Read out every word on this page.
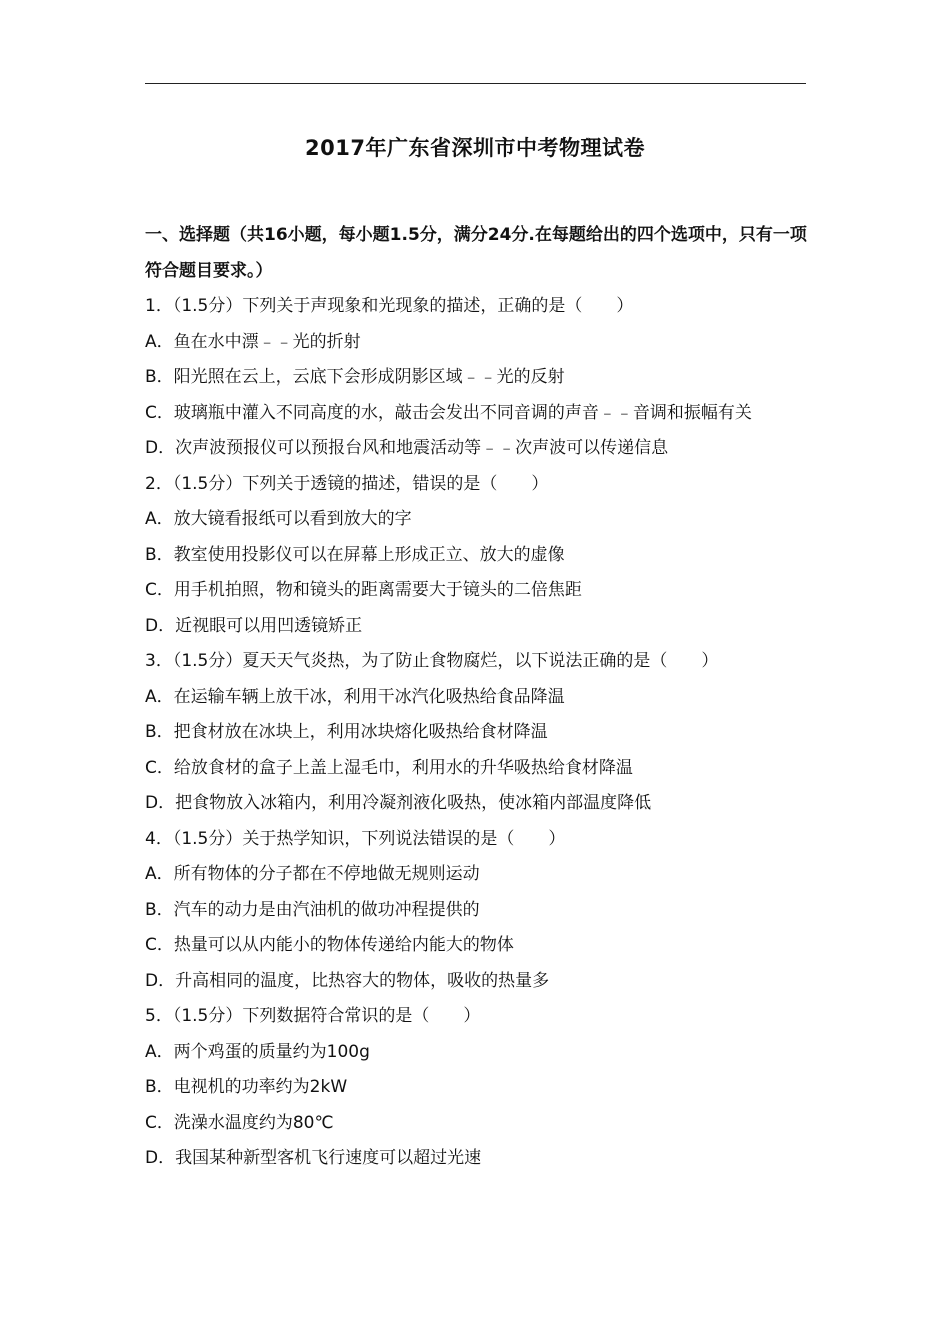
2017年广东省深圳市中考物理试卷
一、选择题（共16小题，每小题1.5分，满分24分.在每题给出的四个选项中，只有一项符合题目要求。）
1．（1.5分）下列关于声现象和光现象的描述，正确的是（　　）
A．鱼在水中漂﹣﹣光的折射
B．阳光照在云上，云底下会形成阴影区域﹣﹣光的反射
C．玻璃瓶中灌入不同高度的水，敲击会发出不同音调的声音﹣﹣音调和振幅有关
D．次声波预报仪可以预报台风和地震活动等﹣﹣次声波可以传递信息
2．（1.5分）下列关于透镜的描述，错误的是（　　）
A．放大镜看报纸可以看到放大的字
B．教室使用投影仪可以在屏幕上形成正立、放大的虚像
C．用手机拍照，物和镜头的距离需要大于镜头的二倍焦距
D．近视眼可以用凹透镜矫正
3．（1.5分）夏天天气炎热，为了防止食物腐烂，以下说法正确的是（　　）
A．在运输车辆上放干冰，利用干冰汽化吸热给食品降温
B．把食材放在冰块上，利用冰块熔化吸热给食材降温
C．给放食材的盒子上盖上湿毛巾，利用水的升华吸热给食材降温
D．把食物放入冰箱内，利用冷凝剂液化吸热，使冰箱内部温度降低
4．（1.5分）关于热学知识，下列说法错误的是（　　）
A．所有物体的分子都在不停地做无规则运动
B．汽车的动力是由汽油机的做功冲程提供的
C．热量可以从内能小的物体传递给内能大的物体
D．升高相同的温度，比热容大的物体，吸收的热量多
5．（1.5分）下列数据符合常识的是（　　）
A．两个鸡蛋的质量约为100g
B．电视机的功率约为2kW
C．洗澡水温度约为80℃
D．我国某种新型客机飞行速度可以超过光速
